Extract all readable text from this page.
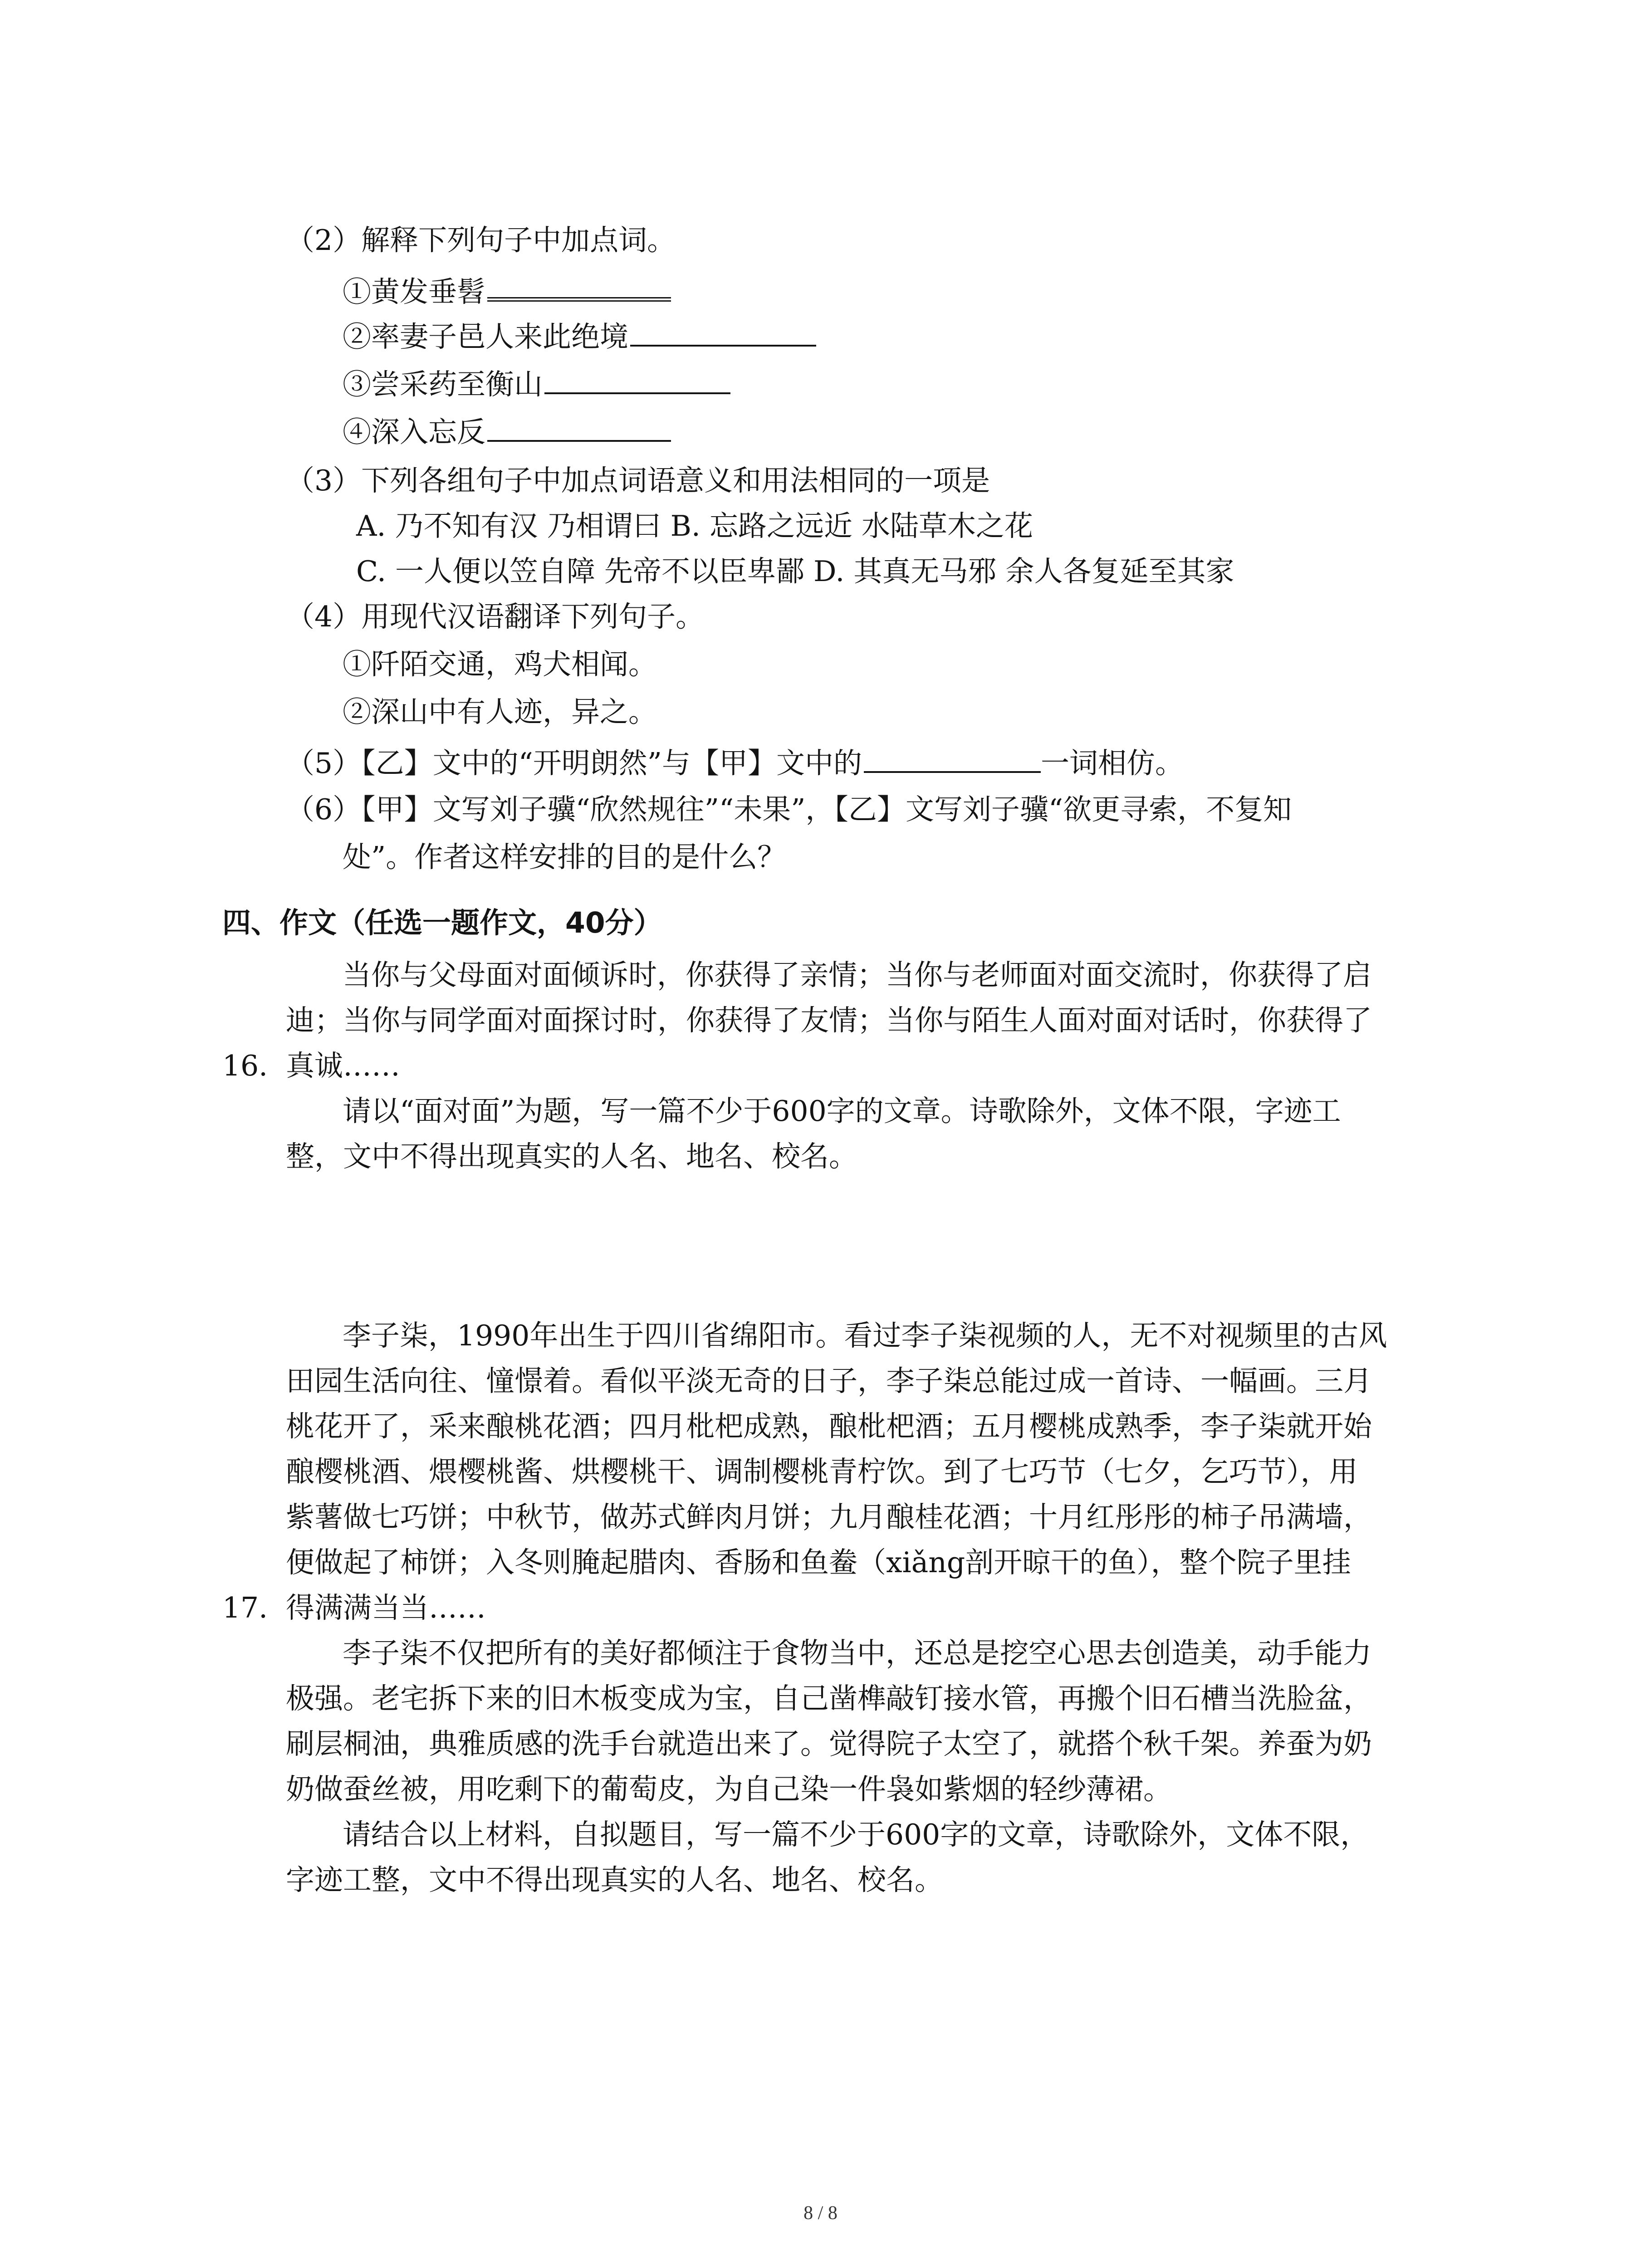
（2）解释下列句子中加点词。
①黄发垂髫
②率妻子邑人来此绝境
③尝采药至衡山
④深入忘反
（3）下列各组句子中加点词语意义和用法相同的一项是
A. 乃不知有汉 乃相谓曰 B. 忘路之远近 水陆草木之花
C. 一人便以笠自障 先帝不以臣卑鄙 D. 其真无马邪 余人各复延至其家
（4）用现代汉语翻译下列句子。
①阡陌交通，鸡犬相闻。
②深山中有人迹，异之。
（5）【乙】文中的“开明朗然”与【甲】文中的	一词相仿。
（6）【甲】文写刘子骥“欣然规往”“未果”，【乙】文写刘子骥“欲更寻索，不复知
处”。作者这样安排的目的是什么？
四、作文（任选一题作文，40分）
当你与父母面对面倾诉时，你获得了亲情；当你与老师面对面交流时，你获得了启
迪；当你与同学面对面探讨时，你获得了友情；当你与陌生人面对面对话时，你获得了
16. 真诚……
请以“面对面”为题，写一篇不少于600字的文章。诗歌除外，文体不限，字迹工
整，文中不得出现真实的人名、地名、校名。
李子柒，1990年出生于四川省绵阳市。看过李子柒视频的人，无不对视频里的古风
田园生活向往、憧憬着。看似平淡无奇的日子，李子柒总能过成一首诗、一幅画。三月
桃花开了，采来酿桃花酒；四月枇杷成熟，酿枇杷酒；五月樱桃成熟季，李子柒就开始
酿樱桃酒、煨樱桃酱、烘樱桃干、调制樱桃青柠饮。到了七巧节（七夕，乞巧节），用
紫薯做七巧饼；中秋节，做苏式鲜肉月饼；九月酿桂花酒；十月红彤彤的柿子吊满墙，
便做起了柿饼；入冬则腌起腊肉、香肠和鱼鲞（xiǎng剖开晾干的鱼），整个院子里挂
17. 得满满当当……
李子柒不仅把所有的美好都倾注于食物当中，还总是挖空心思去创造美，动手能力
极强。老宅拆下来的旧木板变成为宝，自己凿榫敲钉接水管，再搬个旧石槽当洗脸盆，
刷层桐油，典雅质感的洗手台就造出来了。觉得院子太空了，就搭个秋千架。养蚕为奶
奶做蚕丝被，用吃剩下的葡萄皮，为自己染一件袅如紫烟的轻纱薄裙。
请结合以上材料，自拟题目，写一篇不少于600字的文章，诗歌除外，文体不限，
字迹工整，文中不得出现真实的人名、地名、校名。
8 / 8
